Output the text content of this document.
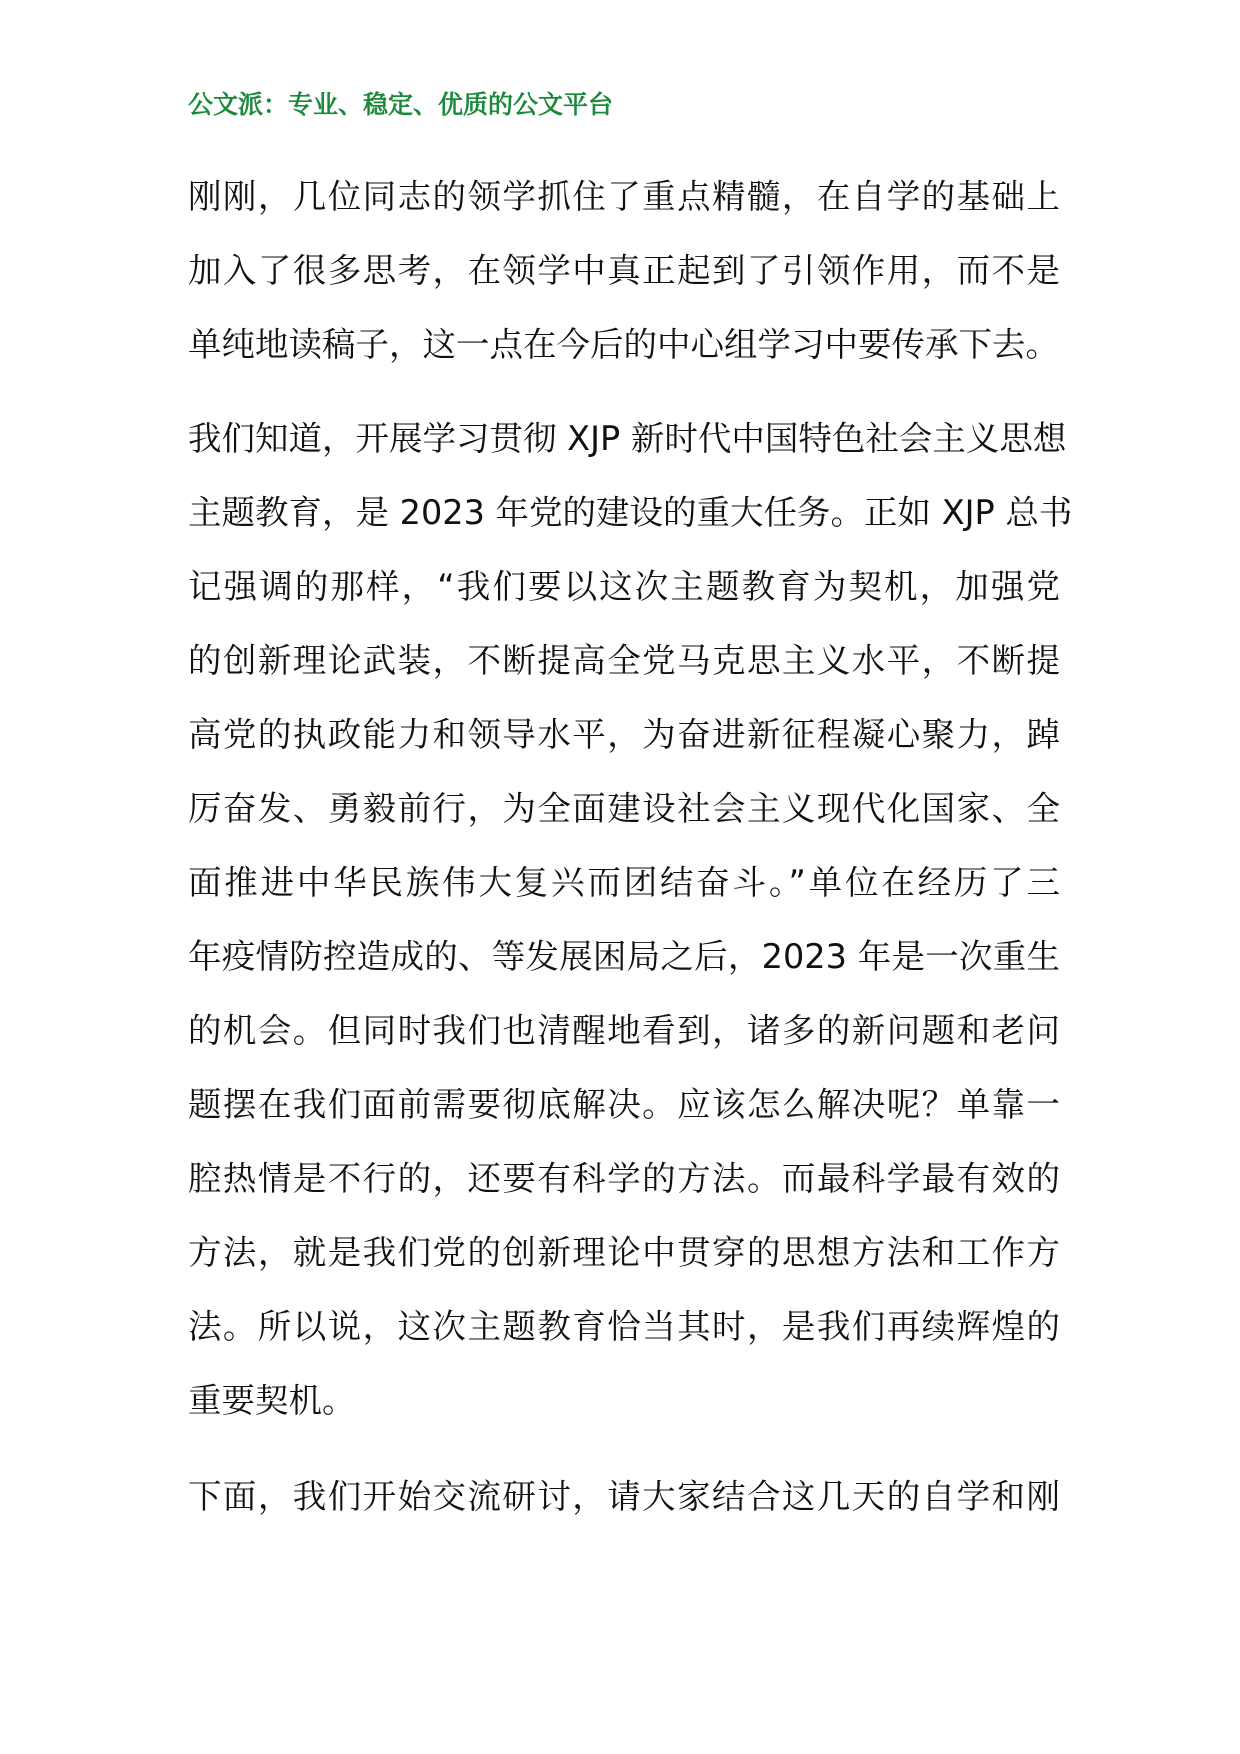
公文派：专业、稳定、优质的公文平台
刚刚，几位同志的领学抓住了重点精髓，在自学的基础上
加入了很多思考，在领学中真正起到了引领作用，而不是
单纯地读稿子，这一点在今后的中心组学习中要传承下去。
我们知道，开展学习贯彻 XJP 新时代中国特色社会主义思想
主题教育，是 2023 年党的建设的重大任务。正如 XJP 总书
记强调的那样，“我们要以这次主题教育为契机，加强党
的创新理论武装，不断提高全党马克思主义水平，不断提
高党的执政能力和领导水平，为奋进新征程凝心聚力，踔
厉奋发、勇毅前行，为全面建设社会主义现代化国家、全
面推进中华民族伟大复兴而团结奋斗。”单位在经历了三
年疫情防控造成的、等发展困局之后，2023 年是一次重生
的机会。但同时我们也清醒地看到，诸多的新问题和老问
题摆在我们面前需要彻底解决。应该怎么解决呢？单靠一
腔热情是不行的，还要有科学的方法。而最科学最有效的
方法，就是我们党的创新理论中贯穿的思想方法和工作方
法。所以说，这次主题教育恰当其时，是我们再续辉煌的
重要契机。
下面，我们开始交流研讨，请大家结合这几天的自学和刚
